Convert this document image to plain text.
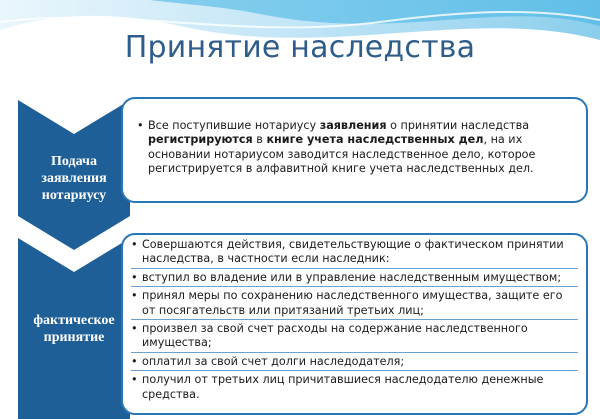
Принятие наследства
Подача заявления нотариусу
фактическое принятие
• Все поступившие нотариусу заявления о принятии наследства регистрируются в книге учета наследственных дел, на их основании нотариусом заводится наследственное дело, которое регистрируется в алфавитной книге учета наследственных дел.
• Совершаются действия, свидетельствующие о фактическом принятии наследства, в частности если наследник:
• вступил во владение или в управление наследственным имуществом;
• принял меры по сохранению наследственного имущества, защите его от посягательств или притязаний третьих лиц;
• произвел за свой счет расходы на содержание наследственного имущества;
• оплатил за свой счет долги наследодателя;
• получил от третьих лиц причитавшиеся наследодателю денежные средства.
